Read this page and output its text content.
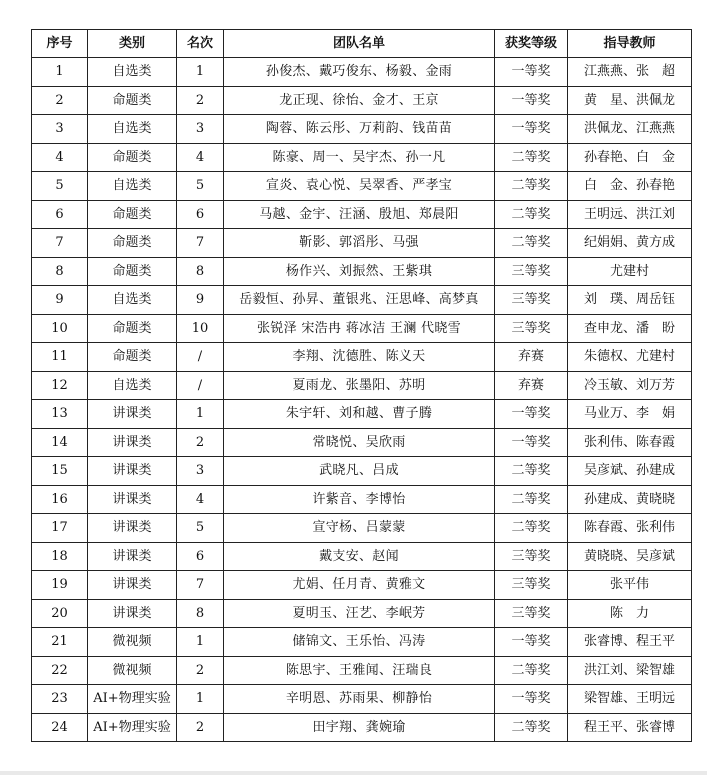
序号	类别	名次	团队名单	获奖等级	指导教师
1	自选类	1	孙俊杰、戴巧俊东、杨毅、金雨	一等奖	江燕燕、张　超
2	命题类	2	龙正现、徐怡、金才、王京	一等奖	黄　星、洪佩龙
3	自选类	3	陶蓉、陈云彤、万莉韵、钱苗苗	一等奖	洪佩龙、江燕燕
4	命题类	4	陈豪、周一、吴宇杰、孙一凡	二等奖	孙春艳、白　金
5	自选类	5	宣炎、袁心悦、吴翠香、严孝宝	二等奖	白　金、孙春艳
6	命题类	6	马越、金宇、汪涵、殷旭、郑晨阳	二等奖	王明远、洪江刘
7	命题类	7	靳影、郭滔彤、马强	二等奖	纪娟娟、黄方成
8	命题类	8	杨作兴、刘振然、王紫琪	三等奖	尤建村
9	自选类	9	岳毅恒、孙昇、董银兆、汪思峰、高梦真	三等奖	刘　璞、周岳钰
10	命题类	10	张锐泽 宋浩冉 蒋冰洁 王澜 代晓雪	三等奖	查申龙、潘　盼
11	命题类	/	李翔、沈德胜、陈义天	弃赛	朱德权、尤建村
12	自选类	/	夏雨龙、张墨阳、苏明	弃赛	冷玉敏、刘万芳
13	讲课类	1	朱宇轩、刘和越、曹子腾	一等奖	马业万、李　娟
14	讲课类	2	常晓悦、吴欣雨	一等奖	张利伟、陈春霞
15	讲课类	3	武晓凡、吕成	二等奖	吴彦斌、孙建成
16	讲课类	4	许紫音、李博怡	二等奖	孙建成、黄晓晓
17	讲课类	5	宣守杨、吕蒙蒙	二等奖	陈春霞、张利伟
18	讲课类	6	戴支安、赵闻	三等奖	黄晓晓、吴彦斌
19	讲课类	7	尤娟、任月青、黄雅文	三等奖	张平伟
20	讲课类	8	夏明玉、汪艺、李岷芳	三等奖	陈　力
21	微视频	1	储锦文、王乐怡、冯涛	一等奖	张睿博、程王平
22	微视频	2	陈思宇、王雅闻、汪瑞良	二等奖	洪江刘、梁智雄
23	AI+物理实验	1	辛明恩、苏雨果、柳静怡	一等奖	梁智雄、王明远
24	AI+物理实验	2	田宇翔、龚婉瑜	二等奖	程王平、张睿博
